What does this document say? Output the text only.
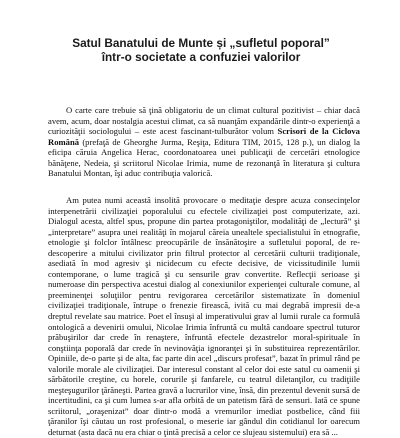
Satul Banatului de Munte și „sufletul poporal”
într-o societate a confuziei valorilor

O carte care trebuie să ţină obligatoriu de un climat cultural pozitivist – chiar dacă avem, acum, doar nostalgia acestui climat, ca să nuanţăm expandările dintr-o experienţă a curiozităţii sociologului – este acest fascinant-tulburător volum Scrisori de la Ciclova Română (prefaţă de Gheorghe Jurma, Reşiţa, Editura TIM, 2015, 128 p.), un dialog la eficipa căruia Angelica Herac, coordonatoarea unei publicaţii de cercetări etnologice bănăţene, Nedeia, şi scriitorul Nicolae Irimia, nume de rezonanţă în literatura şi cultura Banatului Montan, îşi aduc contribuţia valorică.

Am putea numi această insolită provocare o meditaţie despre acuza consecinţelor interpenetrării civilizaţiei poporalului cu efectele civilizaţiei post computerizate, azi. Dialogul acesta, altfel spus, propune din partea protagoniştilor, modalităţi de „lectură” şi „interpretare” asupra unei realităţi în mojarul căreia unealtele specialistului în etnografie, etnologie şi folclor întâlnesc preocupările de însănătoşire a sufletului poporal, de re-descoperire a mitului civilizator prin filtrul protector al cercetării culturii tradiţionale, asediată în mod agresiv şi nicidecum cu efecte decisive, de vicissitudinile lumii contemporane, o lume tragică şi cu sensurile grav convertite. Reflecţii serioase şi numeroase din perspectiva acestui dialog al conexiunilor experienţei culturale comune, al preeminenţei soluţiilor pentru revigorarea cercetărilor sistematizate în domeniul civilizaţiei tradiţionale, întrupe o frenezie firească, ivită cu mai degrabă impresii de-a dreptul revelate sau matrice. Poet el însuşi al imperativului grav al lumii rurale ca formulă ontologică a devenirii omului, Nicolae Irimia înfruntă cu multă candoare spectrul tuturor prăbuşirilor dar crede în renaştere, înfruntă efectele dezastrelor moral-spirituale în conştiinţa poporală dar crede în nevinovăţia ignoranţei şi în substituirea reprezentărilor. Opiniile, de-o parte şi de alta, fac parte din acel „discurs profesat”, bazat în primul rând pe valorile morale ale civilizaţiei. Dar interesul constant al celor doi este satul cu oamenii şi sărbătorile creştine, cu horele, corurile şi fanfarele, cu teatrul diletanţilor, cu tradiţiile meşteşugurilor ţărăneşti. Partea gravă a lucrurilor vine, însă, din prezentul devenit sursă de incertitudini, ca şi cum lumea s-ar afla orbită de un patetism fără de sensuri. Iată ce spune scriitorul, „oraşenizat” doar dintr-o modă a vremurilor imediat postbelice, când fiii ţăranilor îşi căutau un rost profesional, o meserie iar gândul din cotidianul lor oarecum deturnat (asta dacă nu era chiar o ţintă precisă a celor ce slujeau sistemului) era să ...
